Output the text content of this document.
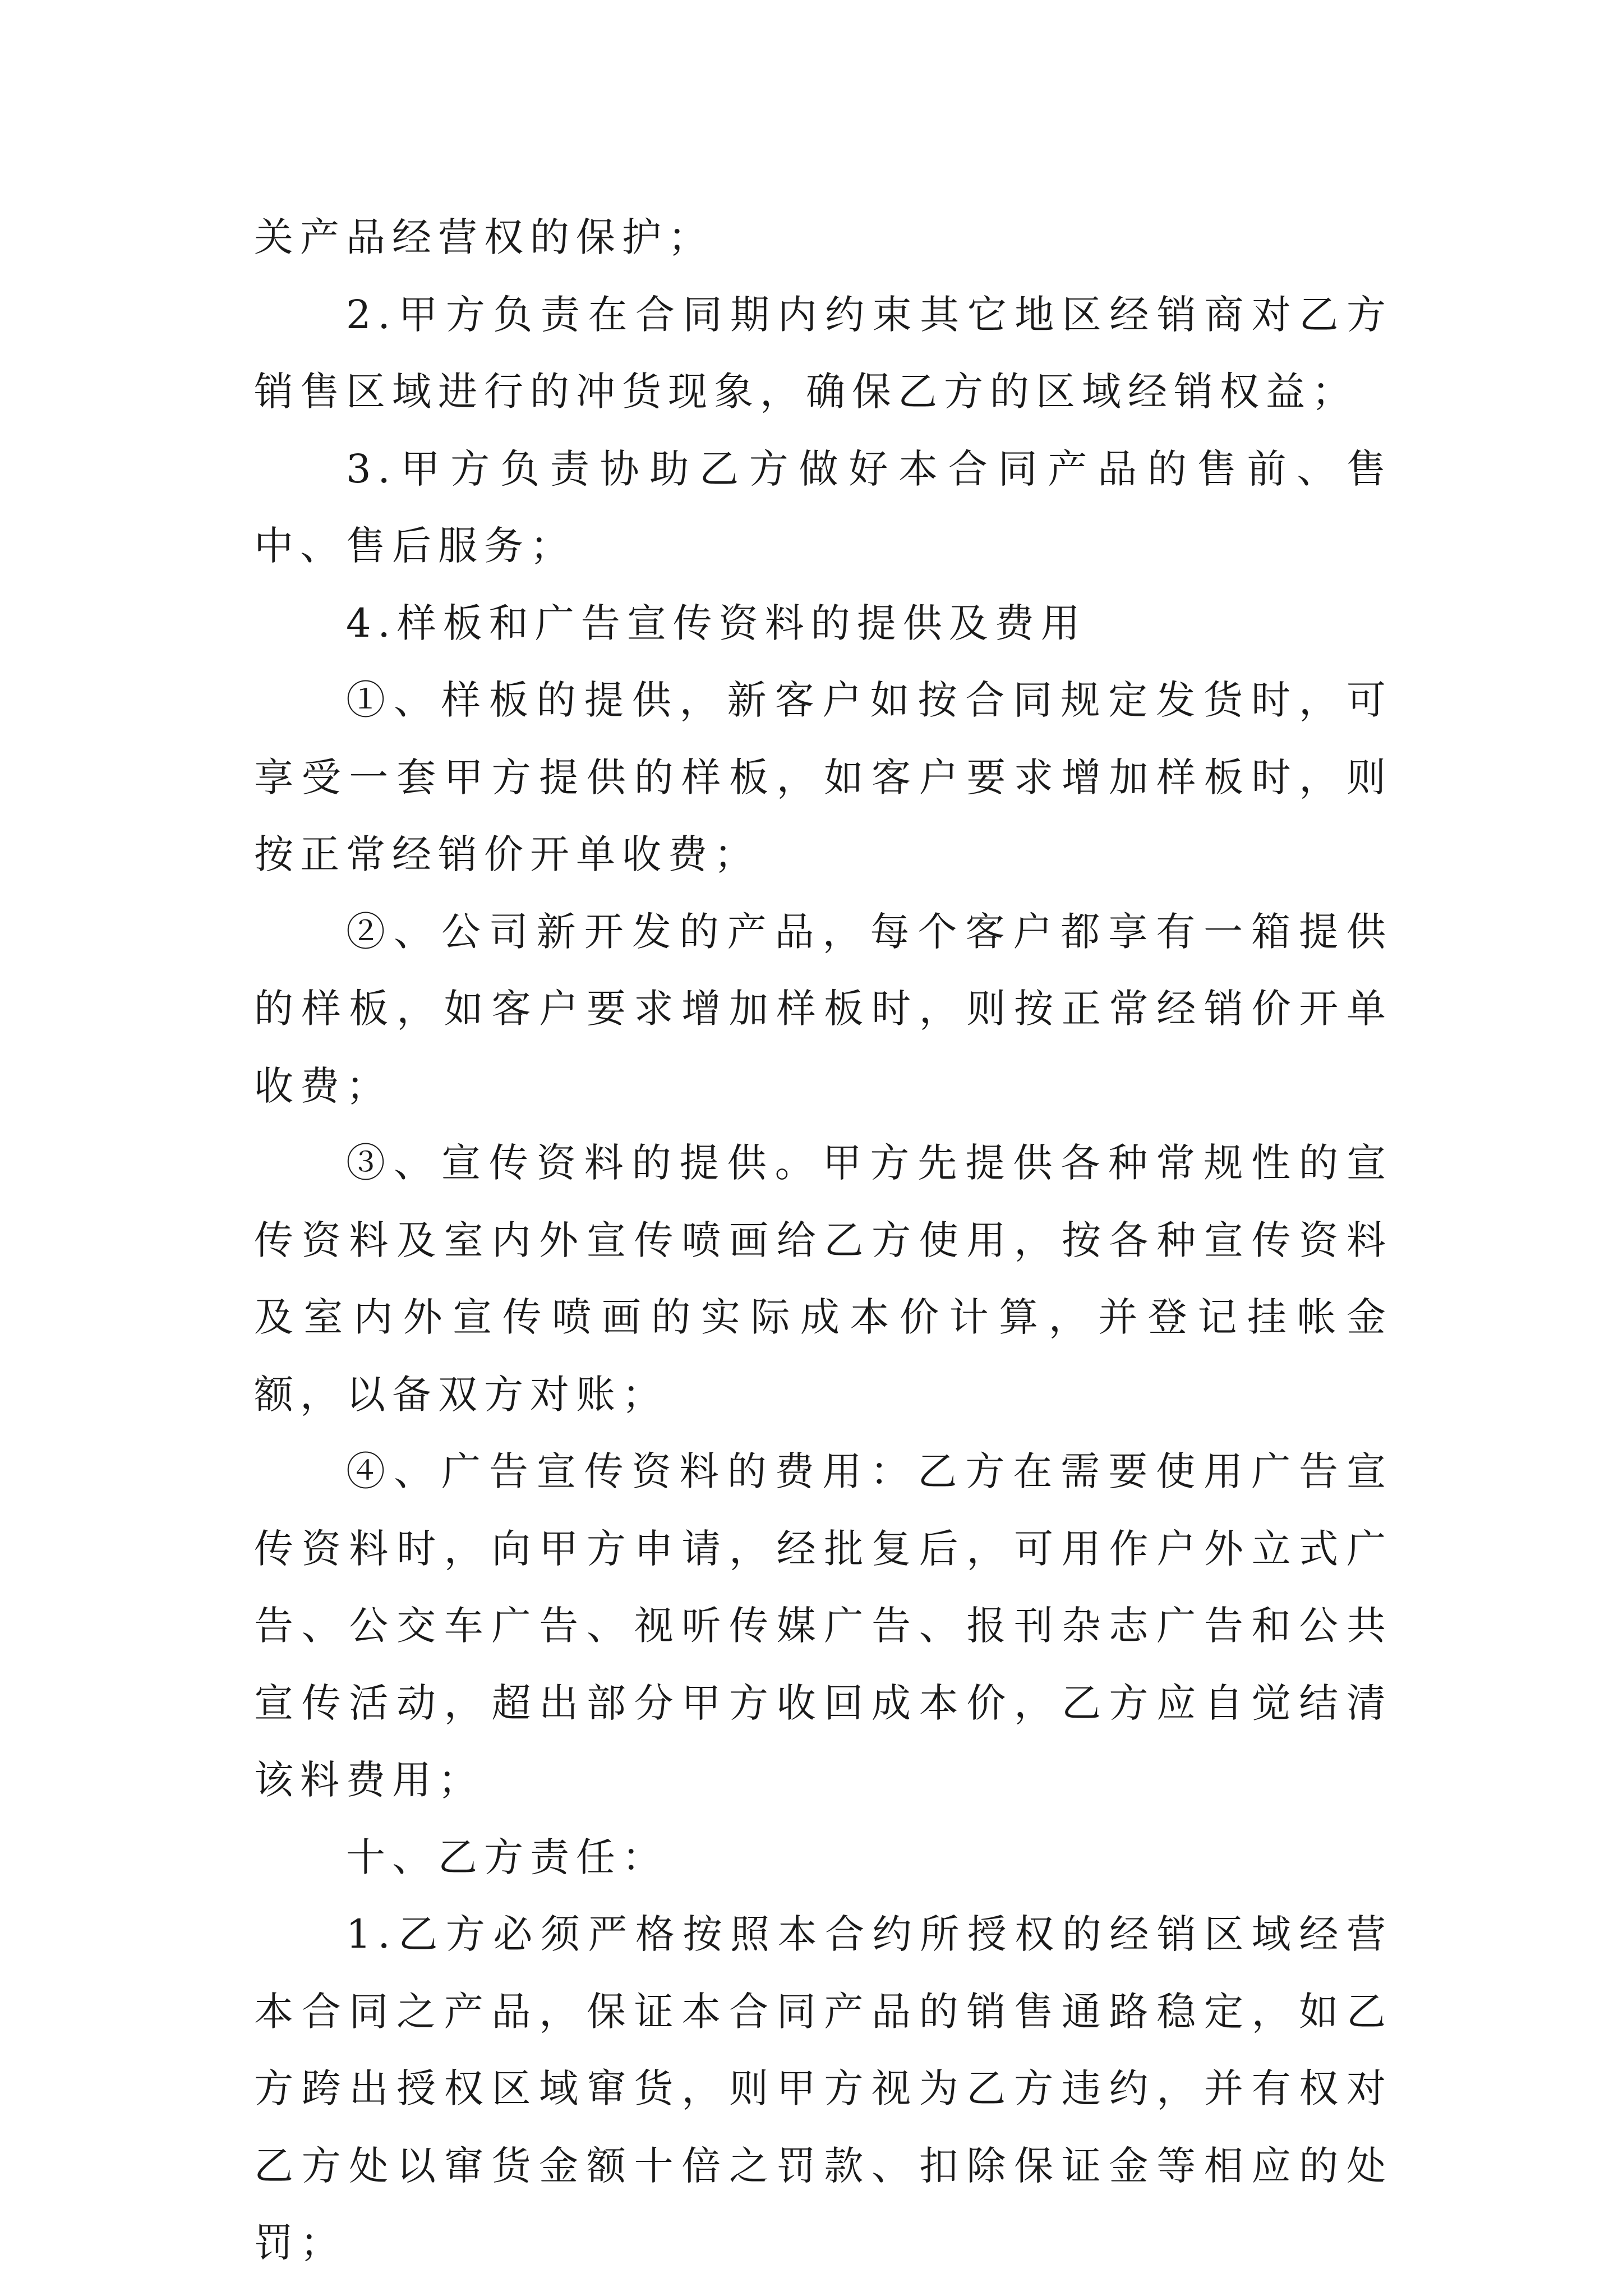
关产品经营权的保护；

2.甲方负责在合同期内约束其它地区经销商对乙方销售区域进行的冲货现象，确保乙方的区域经销权益；

3.甲方负责协助乙方做好本合同产品的售前、售中、售后服务；

4.样板和广告宣传资料的提供及费用

①、样板的提供，新客户如按合同规定发货时，可享受一套甲方提供的样板，如客户要求增加样板时，则按正常经销价开单收费；

②、公司新开发的产品，每个客户都享有一箱提供的样板，如客户要求增加样板时，则按正常经销价开单收费；

③、宣传资料的提供。甲方先提供各种常规性的宣传资料及室内外宣传喷画给乙方使用，按各种宣传资料及室内外宣传喷画的实际成本价计算，并登记挂帐金额，以备双方对账；

④、广告宣传资料的费用：乙方在需要使用广告宣传资料时，向甲方申请，经批复后，可用作户外立式广告、公交车广告、视听传媒广告、报刊杂志广告和公共宣传活动，超出部分甲方收回成本价，乙方应自觉结清该料费用；

十、乙方责任：

1.乙方必须严格按照本合约所授权的经销区域经营本合同之产品，保证本合同产品的销售通路稳定，如乙方跨出授权区域窜货，则甲方视为乙方违约，并有权对乙方处以窜货金额十倍之罚款、扣除保证金等相应的处罚；
